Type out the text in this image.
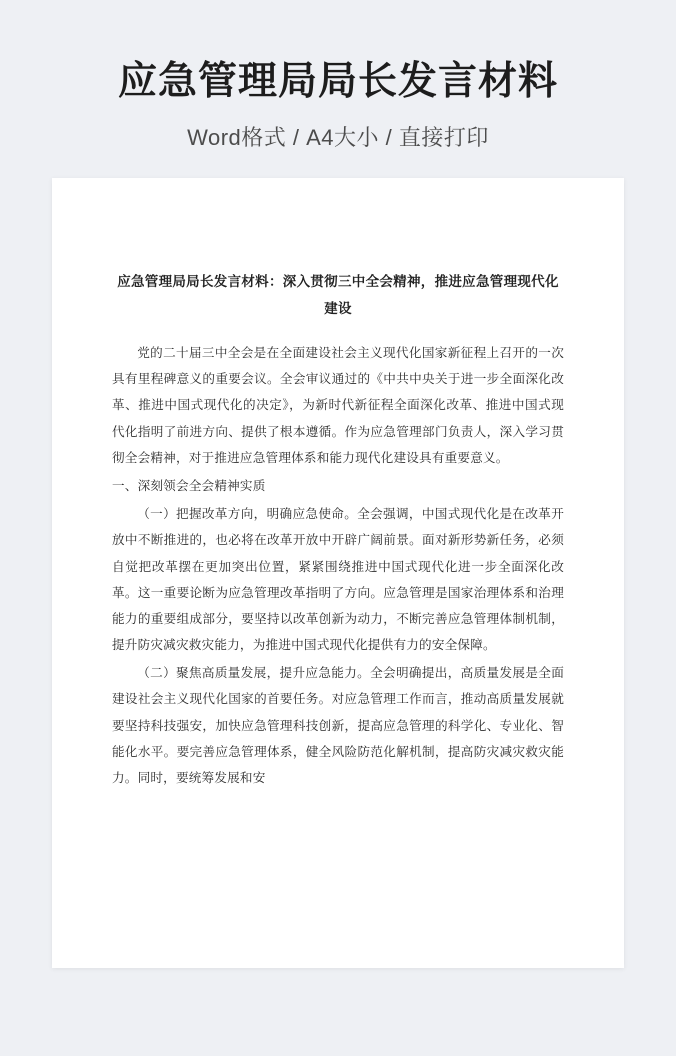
应急管理局局长发言材料
Word格式 / A4大小 / 直接打印
应急管理局局长发言材料：深入贯彻三中全会精神，推进应急管理现代化建设

党的二十届三中全会是在全面建设社会主义现代化国家新征程上召开的一次具有里程碑意义的重要会议。全会审议通过的《中共中央关于进一步全面深化改革、推进中国式现代化的决定》，为新时代新征程全面深化改革、推进中国式现代化指明了前进方向、提供了根本遵循。作为应急管理部门负责人，深入学习贯彻全会精神，对于推进应急管理体系和能力现代化建设具有重要意义。

一、深刻领会全会精神实质

（一）把握改革方向，明确应急使命。全会强调，中国式现代化是在改革开放中不断推进的，也必将在改革开放中开辟广阔前景。面对新形势新任务，必须自觉把改革摆在更加突出位置，紧紧围绕推进中国式现代化进一步全面深化改革。这一重要论断为应急管理改革指明了方向。应急管理是国家治理体系和治理能力的重要组成部分，要坚持以改革创新为动力，不断完善应急管理体制机制，提升防灾减灾救灾能力，为推进中国式现代化提供有力的安全保障。

（二）聚焦高质量发展，提升应急能力。全会明确提出，高质量发展是全面建设社会主义现代化国家的首要任务。对应急管理工作而言，推动高质量发展就要坚持科技强安，加快应急管理科技创新，提高应急管理的科学化、专业化、智能化水平。要完善应急管理体系，健全风险防范化解机制，提高防灾减灾救灾能力。同时，要统筹发展和安
